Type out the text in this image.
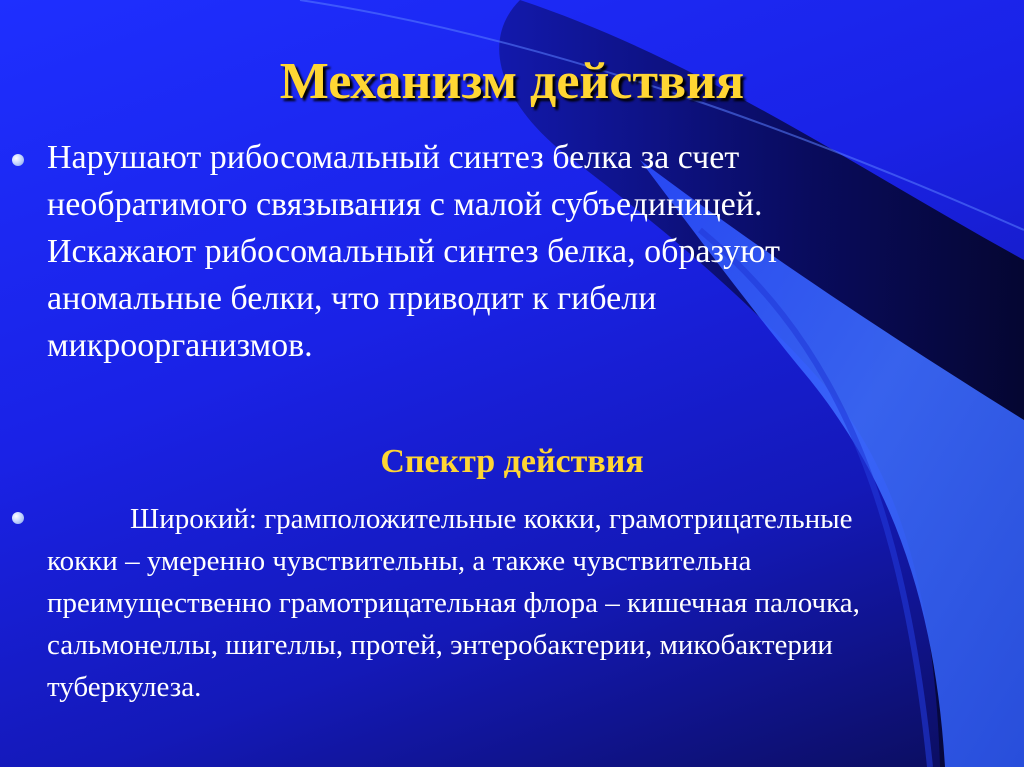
Механизм действия

Нарушают рибосомальный синтез белка за счет
необратимого связывания с малой субъединицей.
Искажают рибосомальный синтез белка, образуют
аномальные белки, что приводит к гибели
микроорганизмов.

Спектр действия

Широкий: грамположительные кокки, грамотрицательные
кокки – умеренно чувствительны, а также чувствительна
преимущественно грамотрицательная флора – кишечная палочка,
сальмонеллы, шигеллы, протей, энтеробактерии, микобактерии
туберкулеза.
